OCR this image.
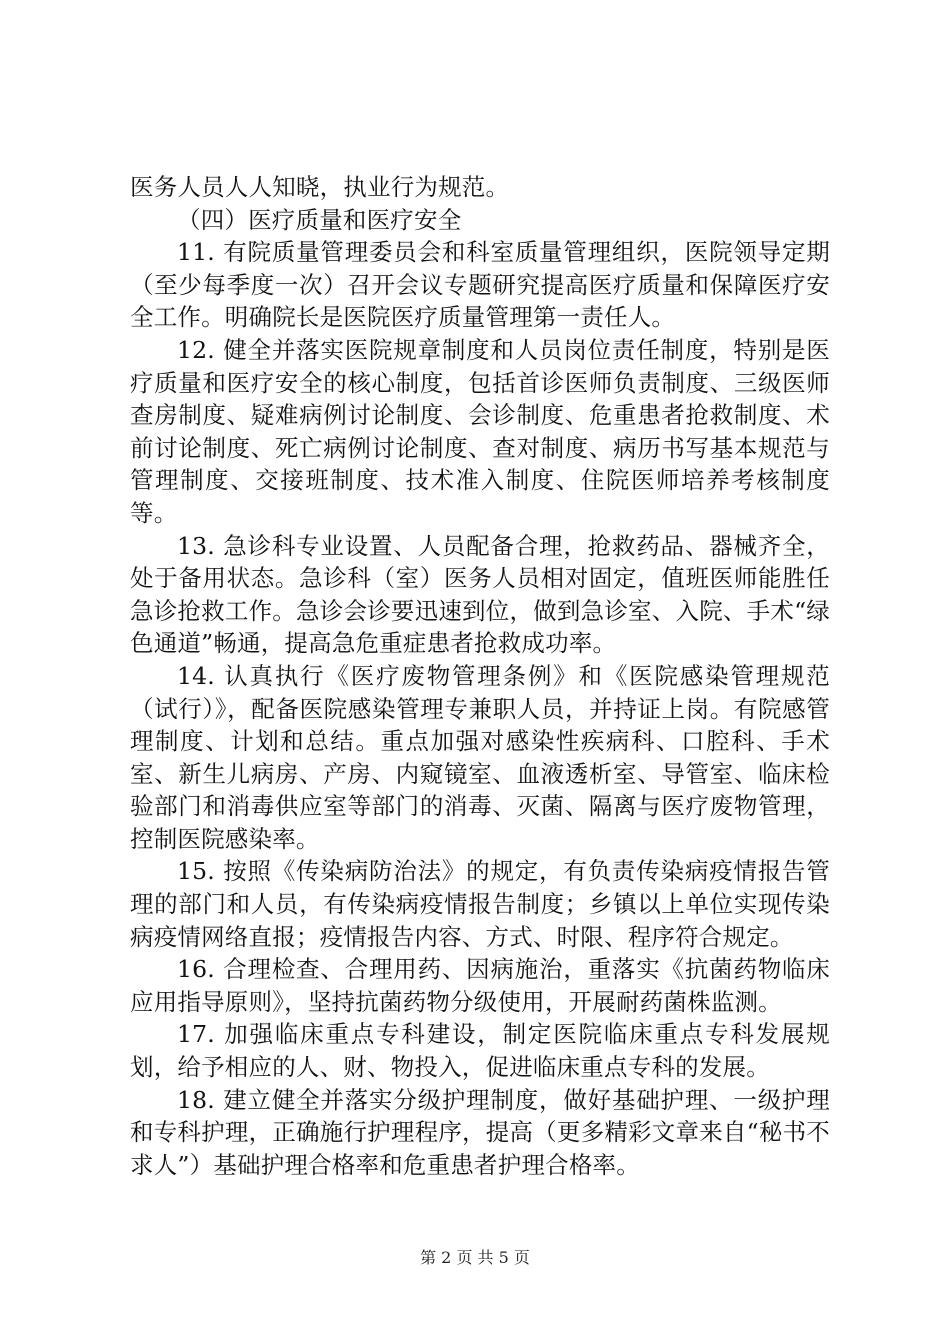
医务人员人人知晓，执业行为规范。

（四）医疗质量和医疗安全

11. 有院质量管理委员会和科室质量管理组织，医院领导定期（至少每季度一次）召开会议专题研究提高医疗质量和保障医疗安全工作。明确院长是医院医疗质量管理第一责任人。

12. 健全并落实医院规章制度和人员岗位责任制度，特别是医疗质量和医疗安全的核心制度，包括首诊医师负责制度、三级医师查房制度、疑难病例讨论制度、会诊制度、危重患者抢救制度、术前讨论制度、死亡病例讨论制度、查对制度、病历书写基本规范与管理制度、交接班制度、技术准入制度、住院医师培养考核制度等。

13. 急诊科专业设置、人员配备合理，抢救药品、器械齐全，处于备用状态。急诊科（室）医务人员相对固定，值班医师能胜任急诊抢救工作。急诊会诊要迅速到位，做到急诊室、入院、手术“绿色通道”畅通，提高急危重症患者抢救成功率。

14. 认真执行《医疗废物管理条例》和《医院感染管理规范（试行）》，配备医院感染管理专兼职人员，并持证上岗。有院感管理制度、计划和总结。重点加强对感染性疾病科、口腔科、手术室、新生儿病房、产房、内窥镜室、血液透析室、导管室、临床检验部门和消毒供应室等部门的消毒、灭菌、隔离与医疗废物管理，控制医院感染率。

15. 按照《传染病防治法》的规定，有负责传染病疫情报告管理的部门和人员，有传染病疫情报告制度；乡镇以上单位实现传染病疫情网络直报；疫情报告内容、方式、时限、程序符合规定。

16. 合理检查、合理用药、因病施治，重落实《抗菌药物临床应用指导原则》，坚持抗菌药物分级使用，开展耐药菌株监测。

17. 加强临床重点专科建设，制定医院临床重点专科发展规划，给予相应的人、财、物投入，促进临床重点专科的发展。

18. 建立健全并落实分级护理制度，做好基础护理、一级护理和专科护理，正确施行护理程序，提高（更多精彩文章来自“秘书不求人”）基础护理合格率和危重患者护理合格率。

第 2 页 共 5 页
